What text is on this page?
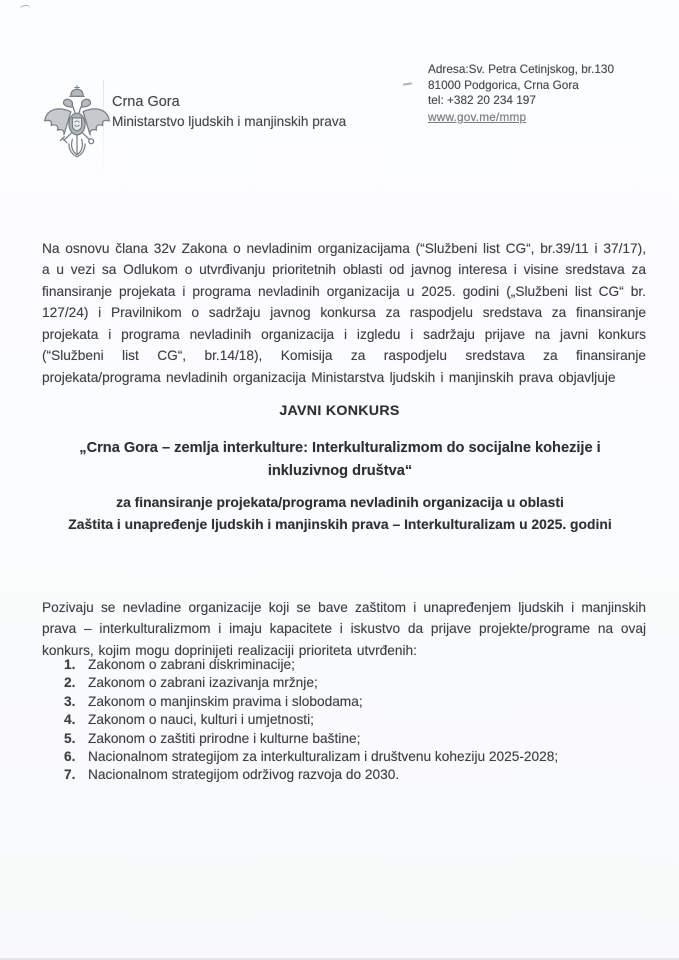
Crna Gora
Ministarstvo ljudskih i manjinskih prava
Adresa:Sv. Petra Cetinjskog, br.130
81000 Podgorica, Crna Gora
tel: +382 20 234 197
www.gov.me/mmp

Na osnovu člana 32v Zakona o nevladinim organizacijama (“Službeni list CG“, br.39/11 i 37/17), a u vezi sa Odlukom o utvrđivanju prioritetnih oblasti od javnog interesa i visine sredstava za finansiranje projekata i programa nevladinih organizacija u 2025. godini („Službeni list CG“ br. 127/24) i Pravilnikom o sadržaju javnog konkursa za raspodjelu sredstava za finansiranje projekata i programa nevladinih organizacija i izgledu i sadržaju prijave na javni konkurs (“Službeni list CG“, br.14/18), Komisija za raspodjelu sredstava za finansiranje projekata/programa nevladinih organizacija Ministarstva ljudskih i manjinskih prava objavljuje

JAVNI KONKURS
„Crna Gora – zemlja interkulture: Interkulturalizmom do socijalne kohezije i
inkluzivnog društva“
za finansiranje projekata/programa nevladinih organizacija u oblasti
Zaštita i unapređenje ljudskih i manjinskih prava – Interkulturalizam u 2025. godini

Pozivaju se nevladine organizacije koji se bave zaštitom i unapređenjem ljudskih i manjinskih prava – interkulturalizmom i imaju kapacitete i iskustvo da prijave projekte/programe na ovaj konkurs, kojim mogu doprinijeti realizaciji prioriteta utvrđenih:

1. Zakonom o zabrani diskriminacije;
2. Zakonom o zabrani izazivanja mržnje;
3. Zakonom o manjinskim pravima i slobodama;
4. Zakonom o nauci, kulturi i umjetnosti;
5. Zakonom o zaštiti prirodne i kulturne baštine;
6. Nacionalnom strategijom za interkulturalizam i društvenu koheziju 2025-2028;
7. Nacionalnom strategijom održivog razvoja do 2030.
